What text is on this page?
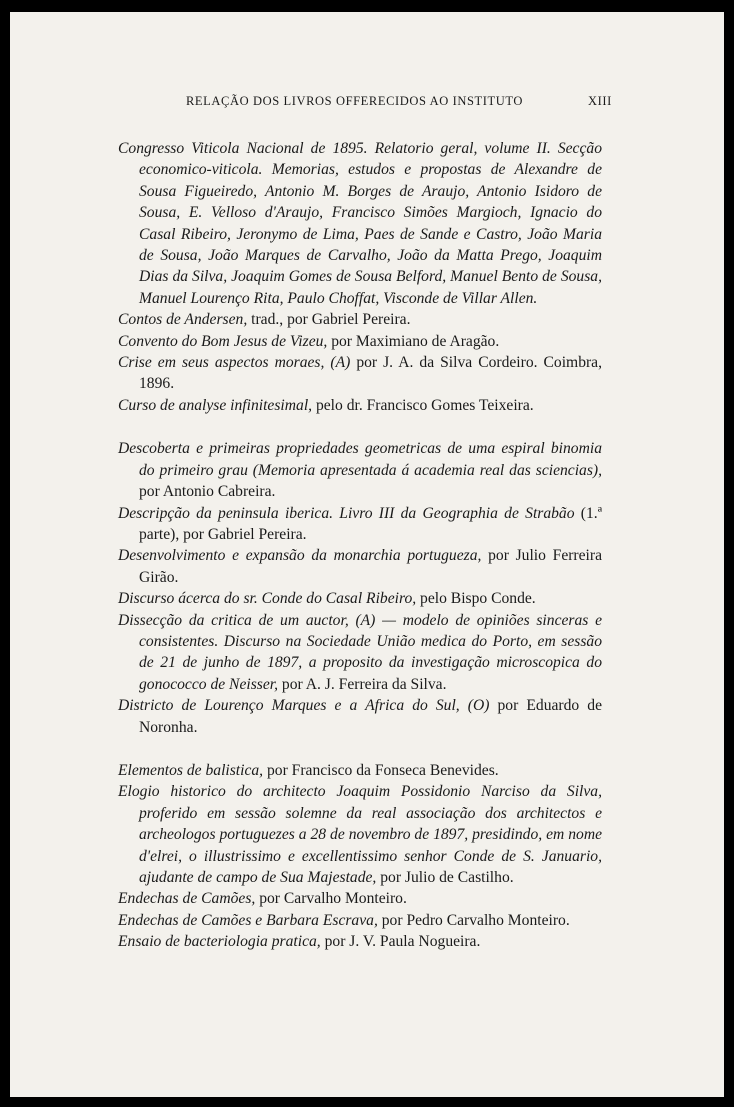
RELAÇÃO DOS LIVROS OFFERECIDOS AO INSTITUTO	XIII

Congresso Viticola Nacional de 1895. Relatorio geral, volume II. Secção economico-viticola. Memorias, estudos e propostas de Alexandre de Sousa Figueiredo, Antonio M. Borges de Araujo, Antonio Isidoro de Sousa, E. Velloso d'Araujo, Francisco Simões Margioch, Ignacio do Casal Ribeiro, Jeronymo de Lima, Paes de Sande e Castro, João Maria de Sousa, João Marques de Carvalho, João da Matta Prego, Joaquim Dias da Silva, Joaquim Gomes de Sousa Belford, Manuel Bento de Sousa, Manuel Lourenço Rita, Paulo Choffat, Visconde de Villar Allen.

Contos de Andersen, trad., por Gabriel Pereira.

Convento do Bom Jesus de Vizeu, por Maximiano de Aragão.

Crise em seus aspectos moraes, (A) por J. A. da Silva Cordeiro. Coimbra, 1896.

Curso de analyse infinitesimal, pelo dr. Francisco Gomes Teixeira.

Descoberta e primeiras propriedades geometricas de uma espiral binomia do primeiro grau (Memoria apresentada á academia real das sciencias), por Antonio Cabreira.

Descripção da peninsula iberica. Livro III da Geographia de Strabão (1.ª parte), por Gabriel Pereira.

Desenvolvimento e expansão da monarchia portugueza, por Julio Ferreira Girão.

Discurso ácerca do sr. Conde do Casal Ribeiro, pelo Bispo Conde.

Dissecção da critica de um auctor, (A) — modelo de opiniões sinceras e consistentes. Discurso na Sociedade União medica do Porto, em sessão de 21 de junho de 1897, a proposito da investigação microscopica do gonococco de Neisser, por A. J. Ferreira da Silva.

Districto de Lourenço Marques e a Africa do Sul, (O) por Eduardo de Noronha.

Elementos de balistica, por Francisco da Fonseca Benevides.

Elogio historico do architecto Joaquim Possidonio Narciso da Silva, proferido em sessão solemne da real associação dos architectos e archeologos portuguezes a 28 de novembro de 1897, presidindo, em nome d'elrei, o illustrissimo e excellentissimo senhor Conde de S. Januario, ajudante de campo de Sua Majestade, por Julio de Castilho.

Endechas de Camões, por Carvalho Monteiro.

Endechas de Camões e Barbara Escrava, por Pedro Carvalho Monteiro.

Ensaio de bacteriologia pratica, por J. V. Paula Nogueira.
